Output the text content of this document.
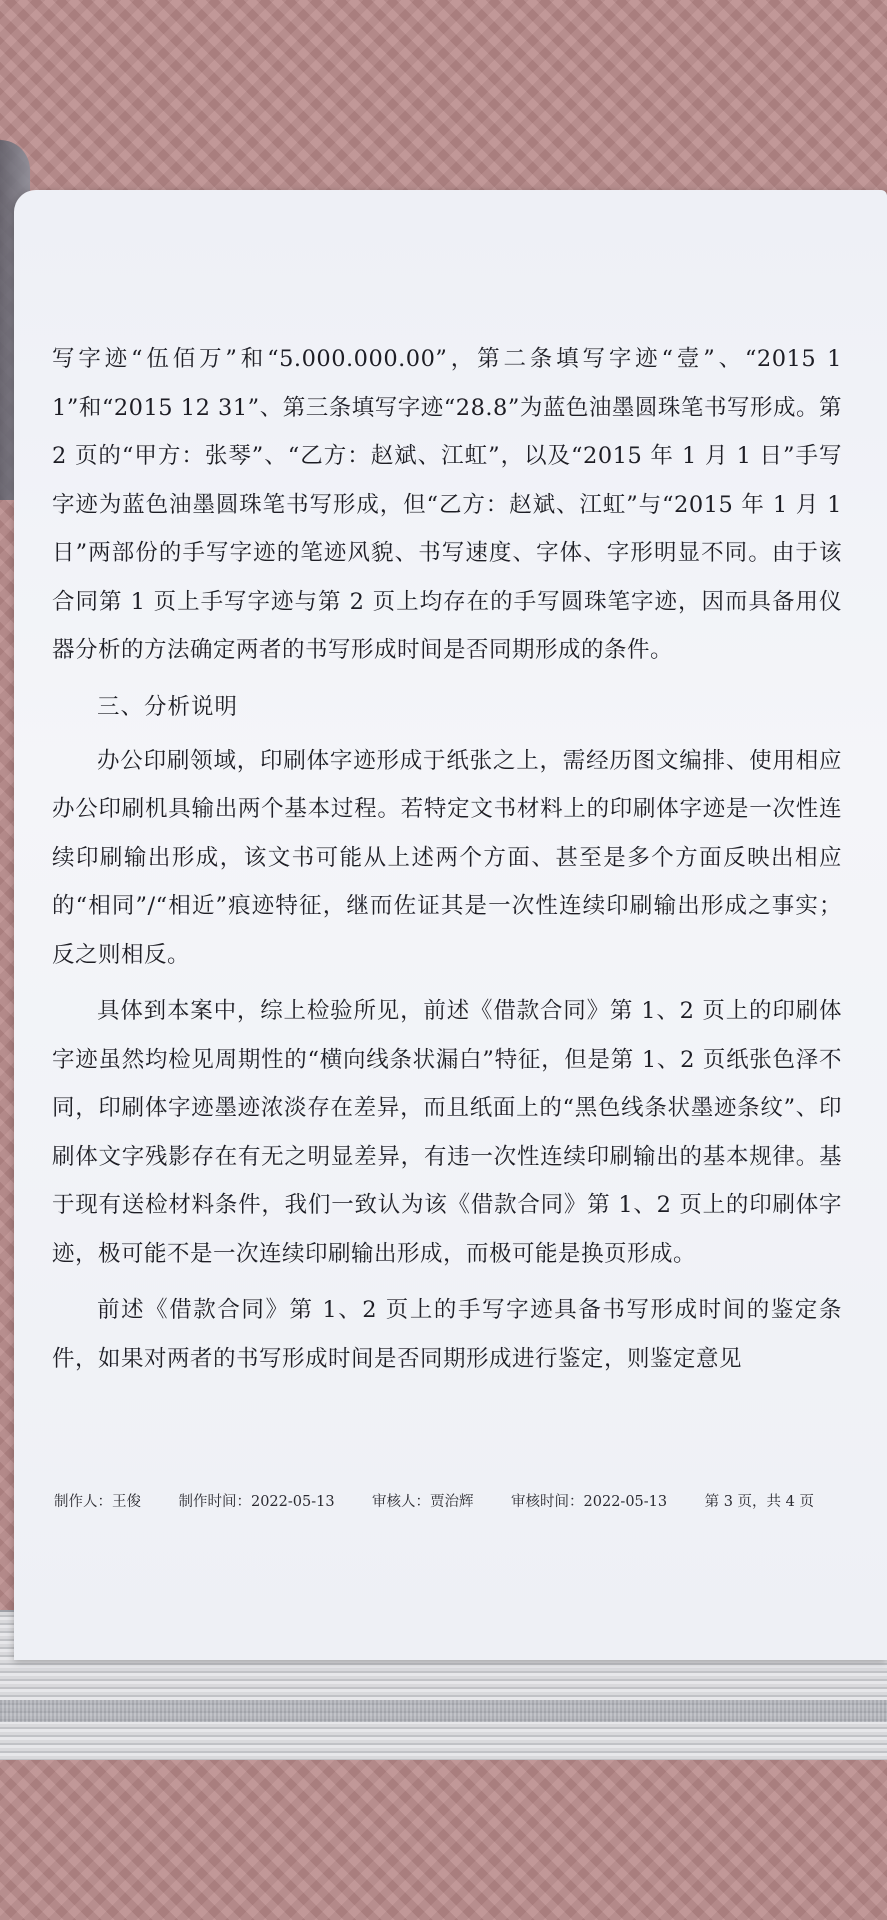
写字迹“伍佰万”和“5.000.000.00”，第二条填写字迹“壹”、“2015 1 1”和“2015 12 31”、第三条填写字迹“28.8”为蓝色油墨圆珠笔书写形成。第 2 页的“甲方：张琴”、“乙方：赵斌、江虹”，以及“2015 年 1 月 1 日”手写字迹为蓝色油墨圆珠笔书写形成，但“乙方：赵斌、江虹”与“2015 年 1 月 1 日”两部份的手写字迹的笔迹风貌、书写速度、字体、字形明显不同。由于该合同第 1 页上手写字迹与第 2 页上均存在的手写圆珠笔字迹，因而具备用仪器分析的方法确定两者的书写形成时间是否同期形成的条件。

三、分析说明

办公印刷领域，印刷体字迹形成于纸张之上，需经历图文编排、使用相应办公印刷机具输出两个基本过程。若特定文书材料上的印刷体字迹是一次性连续印刷输出形成，该文书可能从上述两个方面、甚至是多个方面反映出相应的“相同”/“相近”痕迹特征，继而佐证其是一次性连续印刷输出形成之事实；反之则相反。

具体到本案中，综上检验所见，前述《借款合同》第 1、2 页上的印刷体字迹虽然均检见周期性的“横向线条状漏白”特征，但是第 1、2 页纸张色泽不同，印刷体字迹墨迹浓淡存在差异，而且纸面上的“黑色线条状墨迹条纹”、印刷体文字残影存在有无之明显差异，有违一次性连续印刷输出的基本规律。基于现有送检材料条件，我们一致认为该《借款合同》第 1、2 页上的印刷体字迹，极可能不是一次连续印刷输出形成，而极可能是换页形成。

前述《借款合同》第 1、2 页上的手写字迹具备书写形成时间的鉴定条件，如果对两者的书写形成时间是否同期形成进行鉴定，则鉴定意见

制作人：王俊	制作时间：2022-05-13	审核人：贾治辉	审核时间：2022-05-13	第 3 页，共 4 页
